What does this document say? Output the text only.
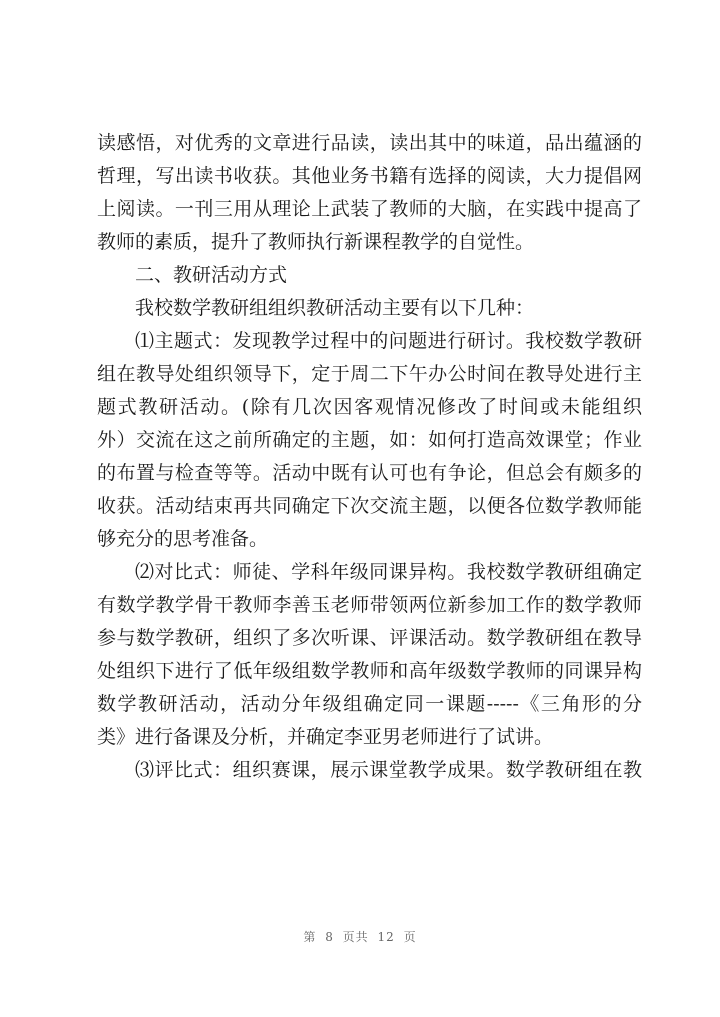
读感悟，对优秀的文章进行品读，读出其中的味道，品出蕴涵的
哲理，写出读书收获。其他业务书籍有选择的阅读，大力提倡网
上阅读。一刊三用从理论上武装了教师的大脑，在实践中提高了
教师的素质，提升了教师执行新课程教学的自觉性。
二、教研活动方式
我校数学教研组组织教研活动主要有以下几种：
⑴主题式：发现教学过程中的问题进行研讨。我校数学教研
组在教导处组织领导下，定于周二下午办公时间在教导处进行主
题式教研活动。(除有几次因客观情况修改了时间或未能组织
外）交流在这之前所确定的主题，如：如何打造高效课堂；作业
的布置与检查等等。活动中既有认可也有争论，但总会有颇多的
收获。活动结束再共同确定下次交流主题，以便各位数学教师能
够充分的思考准备。
⑵对比式：师徒、学科年级同课异构。我校数学教研组确定
有数学教学骨干教师李善玉老师带领两位新参加工作的数学教师
参与数学教研，组织了多次听课、评课活动。数学教研组在教导
处组织下进行了低年级组数学教师和高年级数学教师的同课异构
数学教研活动，活动分年级组确定同一课题-----《三角形的分
类》进行备课及分析，并确定李亚男老师进行了试讲。
⑶评比式：组织赛课，展示课堂教学成果。数学教研组在教
第 8 页共 12 页
